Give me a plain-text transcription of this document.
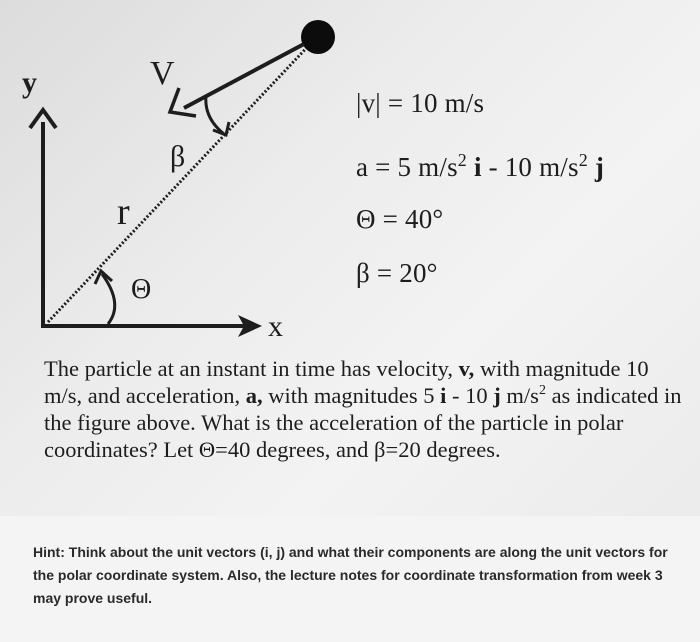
y
x
r
V
β
Θ
|v| = 10 m/s
a = 5 $m/s^2$ i - 10 $m/s^2$ j
Θ = 40°
β = 20°
The particle at an instant in time has velocity, v, with magnitude 10 m/s, and acceleration, a, with magnitudes 5 i - 10 j $m/s^2$ as indicated in the figure above. What is the acceleration of the particle in polar coordinates? Let Θ=40 degrees, and β=20 degrees.
Hint: Think about the unit vectors (i, j) and what their components are along the unit vectors for the polar coordinate system. Also, the lecture notes for coordinate transformation from week 3 may prove useful.
